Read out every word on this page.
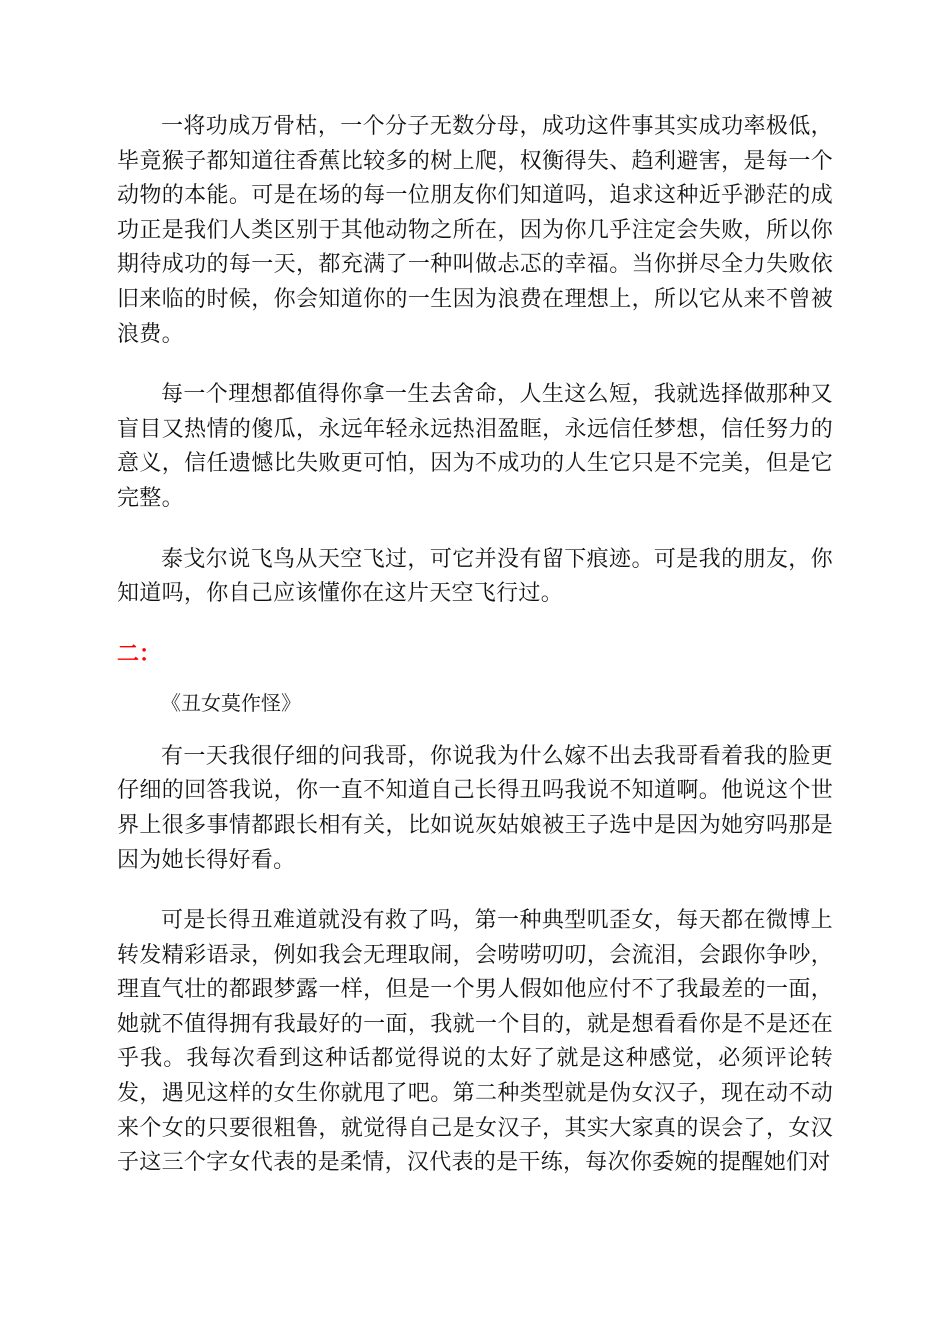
一将功成万骨枯，一个分子无数分母，成功这件事其实成功率极低，毕竟猴子都知道往香蕉比较多的树上爬，权衡得失、趋利避害，是每一个动物的本能。可是在场的每一位朋友你们知道吗，追求这种近乎渺茫的成功正是我们人类区别于其他动物之所在，因为你几乎注定会失败，所以你期待成功的每一天，都充满了一种叫做忐忑的幸福。当你拼尽全力失败依旧来临的时候，你会知道你的一生因为浪费在理想上，所以它从来不曾被浪费。

每一个理想都值得你拿一生去舍命，人生这么短，我就选择做那种又盲目又热情的傻瓜，永远年轻永远热泪盈眶，永远信任梦想，信任努力的意义，信任遗憾比失败更可怕，因为不成功的人生它只是不完美，但是它完整。

泰戈尔说飞鸟从天空飞过，可它并没有留下痕迹。可是我的朋友，你知道吗，你自己应该懂你在这片天空飞行过。

二：
《丑女莫作怪》

有一天我很仔细的问我哥，你说我为什么嫁不出去我哥看着我的脸更仔细的回答我说，你一直不知道自己长得丑吗我说不知道啊。他说这个世界上很多事情都跟长相有关，比如说灰姑娘被王子选中是因为她穷吗那是因为她长得好看。

可是长得丑难道就没有救了吗，第一种典型叽歪女，每天都在微博上转发精彩语录，例如我会无理取闹，会唠唠叨叨，会流泪，会跟你争吵，理直气壮的都跟梦露一样，但是一个男人假如他应付不了我最差的一面，她就不值得拥有我最好的一面，我就一个目的，就是想看看你是不是还在乎我。我每次看到这种话都觉得说的太好了就是这种感觉，必须评论转发，遇见这样的女生你就甩了吧。第二种类型就是伪女汉子，现在动不动来个女的只要很粗鲁，就觉得自己是女汉子，其实大家真的误会了，女汉子这三个字女代表的是柔情，汉代表的是干练，每次你委婉的提醒她们对
